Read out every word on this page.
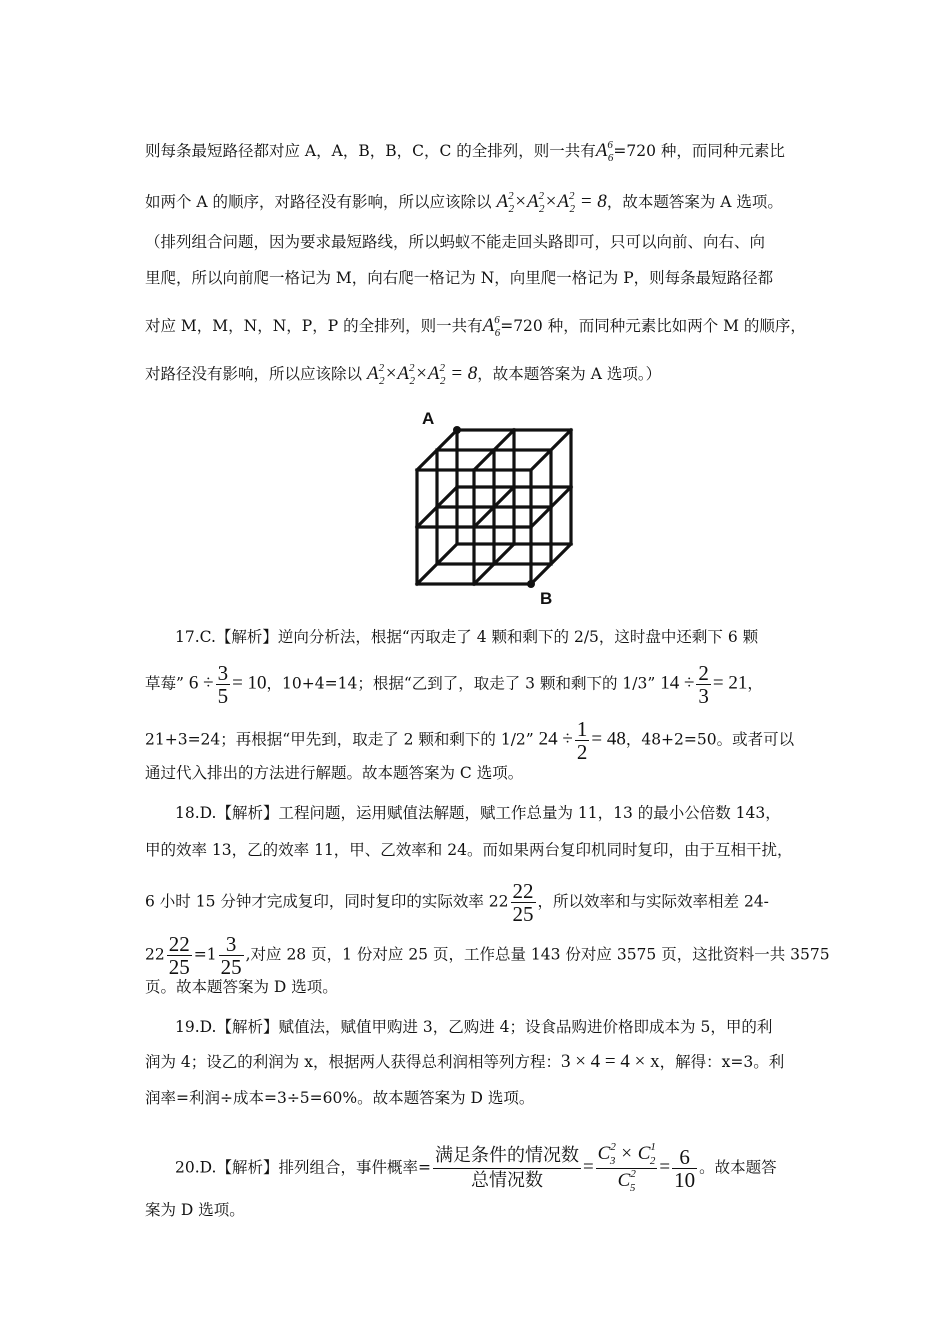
则每条最短路径都对应 A，A，B，B，C，C 的全排列，则一共有$A^6_6=720$ 种，而同种元素比
如两个 A 的顺序，对路径没有影响，所以应该除以 $A^2_2\times A^2_2\times A^2_2 = 8$，故本题答案为 A 选项。
（排列组合问题，因为要求最短路线，所以蚂蚁不能走回头路即可，只可以向前、向右、向
里爬，所以向前爬一格记为 M，向右爬一格记为 N，向里爬一格记为 P，则每条最短路径都
对应 M，M，N，N，P，P 的全排列，则一共有$A^6_6=720$ 种，而同种元素比如两个 M 的顺序，
对路径没有影响，所以应该除以 $A^2_2\times A^2_2\times A^2_2 = 8$，故本题答案为 A 选项。）
A
B
17.C.【解析】逆向分析法，根据“丙取走了 4 颗和剩下的 2/5，这时盘中还剩下 6 颗
草莓” $6 \div \frac{3}{5} = 10$，10+4=14；根据“乙到了，取走了 3 颗和剩下的 1/3” $14 \div \frac{2}{3} = 21$，
21+3=24；再根据“甲先到，取走了 2 颗和剩下的 1/2” $24 \div \frac{1}{2} = 48$，48+2=50。或者可以
通过代入排出的方法进行解题。故本题答案为 C 选项。
18.D.【解析】工程问题，运用赋值法解题，赋工作总量为 11，13 的最小公倍数 143，
甲的效率 13，乙的效率 11，甲、乙效率和 24。而如果两台复印机同时复印，由于互相干扰，
6 小时 15 分钟才完成复印，同时复印的实际效率 $22 \frac{22}{25}$ ，所以效率和与实际效率相差 24-
$22 \frac{22}{25} =1 \frac{3}{25}$ ,对应 28 页，1 份对应 25 页，工作总量 143 份对应 3575 页，这批资料一共 3575
页。故本题答案为 D 选项。
19.D.【解析】赋值法，赋值甲购进 3，乙购进 4；设食品购进价格即成本为 5，甲的利
润为 4；设乙的利润为 x，根据两人获得总利润相等列方程：3 × 4 = 4 × x，解得：x=3。利
润率=利润÷成本=3÷5=60%。故本题答案为 D 选项。
20.D.【解析】排列组合，事件概率= $\frac{\text{满足条件的情况数}}{\text{总情况数}} = \frac{C^2_3 \times C^1_2}{C^2_5} = \frac{6}{10}$ 。故本题答
案为 D 选项。
